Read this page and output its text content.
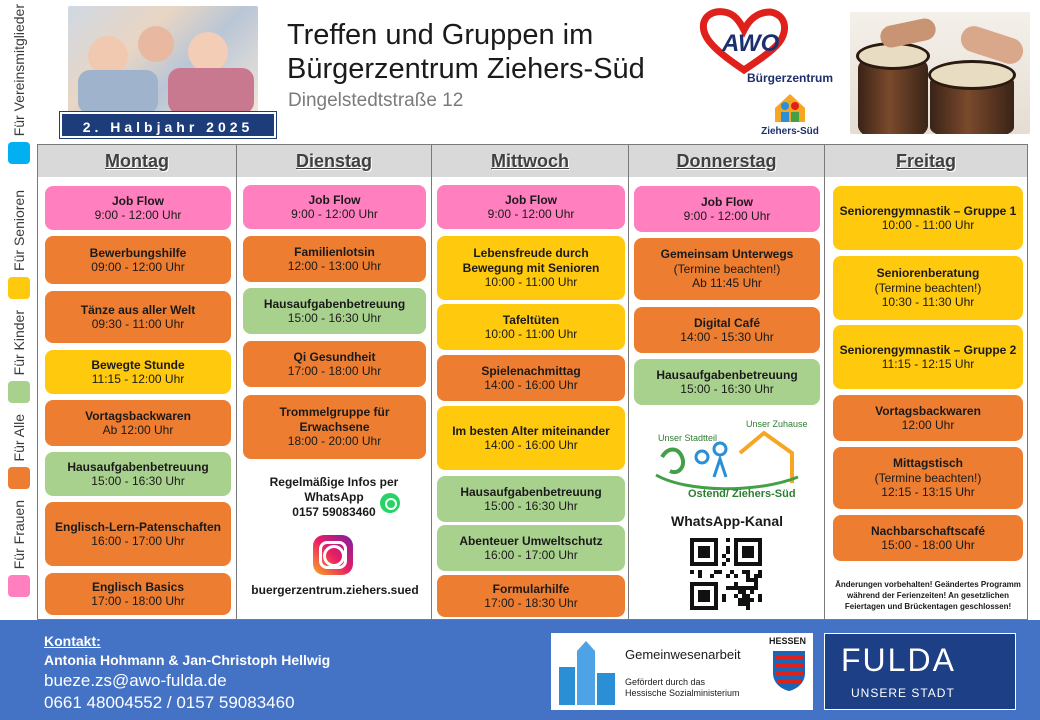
Treffen und Gruppen im
Bürgerzentrum Ziehers-Süd
Dingelstedtstraße 12
2. Halbjahr 2025
AWO
Bürgerzentrum
Ziehers-Süd
Für Vereinsmitglieder
Für Senioren
Für Kinder
Für Alle
Für Frauen
Montag	Dienstag	Mittwoch	Donnerstag	Freitag
Job Flow
9:00 - 12:00 Uhr
Bewerbungshilfe
09:00 - 12:00 Uhr
Tänze aus aller Welt
09:30 - 11:00 Uhr
Bewegte Stunde
11:15 - 12:00 Uhr
Vortagsbackwaren
Ab 12:00 Uhr
Hausaufgabenbetreuung
15:00 - 16:30 Uhr
Englisch-Lern-Patenschaften
16:00 - 17:00 Uhr
Englisch Basics
17:00 - 18:00 Uhr
Job Flow
9:00 - 12:00 Uhr
Familienlotsin
12:00 - 13:00 Uhr
Hausaufgabenbetreuung
15:00 - 16:30 Uhr
Qi Gesundheit
17:00 - 18:00 Uhr
Trommelgruppe für Erwachsene
18:00 - 20:00 Uhr
Regelmäßige Infos per
WhatsApp
0157 59083460
buergerzentrum.ziehers.sued
Job Flow
9:00 - 12:00 Uhr
Lebensfreude durch Bewegung mit Senioren
10:00 - 11:00 Uhr
Tafeltüten
10:00 - 11:00 Uhr
Spielenachmittag
14:00 - 16:00 Uhr
Im besten Alter miteinander
14:00 - 16:00 Uhr
Hausaufgabenbetreuung
15:00 - 16:30 Uhr
Abenteuer Umweltschutz
16:00 - 17:00 Uhr
Formularhilfe
17:00 - 18:30 Uhr
Job Flow
9:00 - 12:00 Uhr
Gemeinsam Unterwegs
(Termine beachten!)
Ab 11:45 Uhr
Digital Café
14:00 - 15:30 Uhr
Hausaufgabenbetreuung
15:00 - 16:30 Uhr
Unser Stadtteil
Unser Zuhause
Ostend/ Ziehers-Süd
WhatsApp-Kanal
Seniorengymnastik – Gruppe 1
10:00 - 11:00 Uhr
Seniorenberatung
(Termine beachten!)
10:30 - 11:30 Uhr
Seniorengymnastik – Gruppe 2
11:15 - 12:15 Uhr
Vortagsbackwaren
12:00 Uhr
Mittagstisch
(Termine beachten!)
12:15 - 13:15 Uhr
Nachbarschaftscafé
15:00 - 18:00 Uhr
Änderungen vorbehalten! Geändertes Programm während der Ferienzeiten! An gesetzlichen Feiertagen und Brückentagen geschlossen!
Kontakt:
Antonia Hohmann & Jan-Christoph Hellwig
bueze.zs@awo-fulda.de
0661 48004552 / 0157 59083460
Gemeinwesenarbeit
Gefördert durch das
Hessische Sozialministerium
HESSEN
FULDA
UNSERE STADT
